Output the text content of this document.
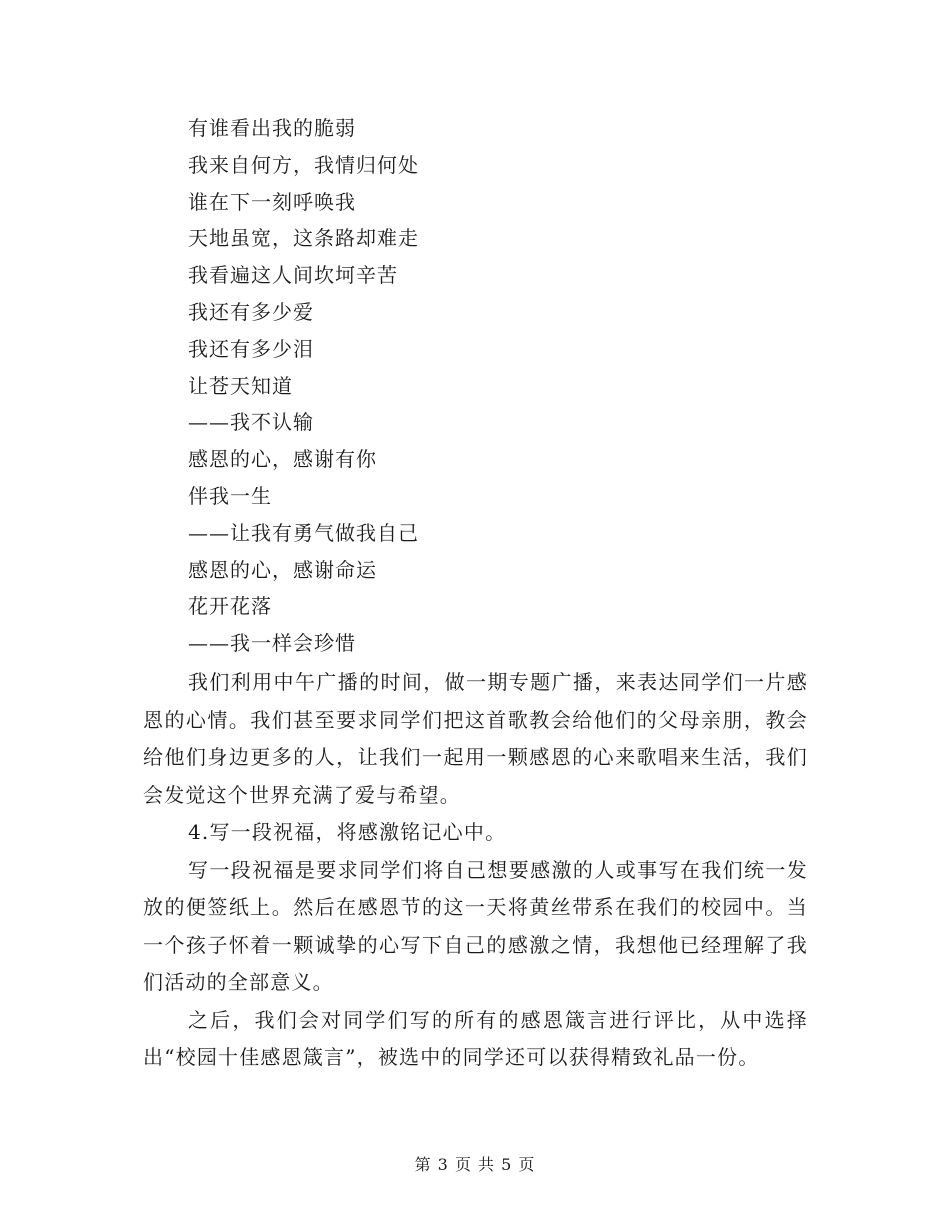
有谁看出我的脆弱
我来自何方，我情归何处
谁在下一刻呼唤我
天地虽宽，这条路却难走
我看遍这人间坎坷辛苦
我还有多少爱
我还有多少泪
让苍天知道
——我不认输
感恩的心，感谢有你
伴我一生
——让我有勇气做我自己
感恩的心，感谢命运
花开花落
——我一样会珍惜

我们利用中午广播的时间，做一期专题广播，来表达同学们一片感恩的心情。我们甚至要求同学们把这首歌教会给他们的父母亲朋，教会给他们身边更多的人，让我们一起用一颗感恩的心来歌唱来生活，我们会发觉这个世界充满了爱与希望。

4.写一段祝福，将感激铭记心中。

写一段祝福是要求同学们将自己想要感激的人或事写在我们统一发放的便签纸上。然后在感恩节的这一天将黄丝带系在我们的校园中。当一个孩子怀着一颗诚挚的心写下自己的感激之情，我想他已经理解了我们活动的全部意义。

之后，我们会对同学们写的所有的感恩箴言进行评比，从中选择出“校园十佳感恩箴言”，被选中的同学还可以获得精致礼品一份。

第 3 页 共 5 页
